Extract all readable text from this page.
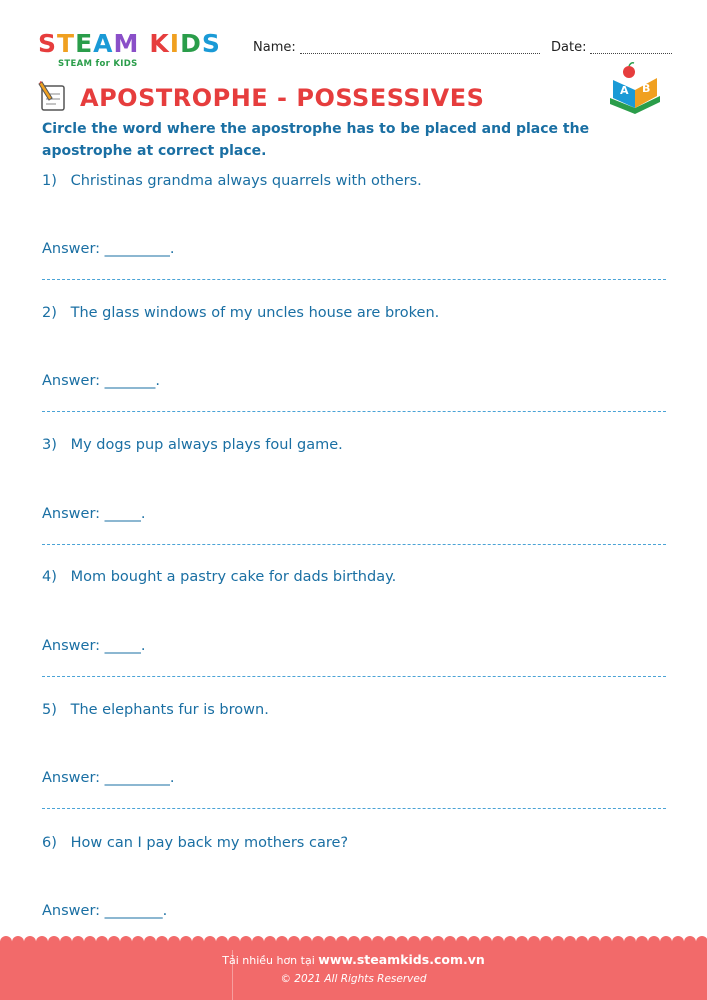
STEAM KIDS
STEAM for KIDS
Name:	Date:
APOSTROPHE - POSSESSIVES	A B
Circle the word where the apostrophe has to be placed and place the apostrophe at correct place.
1) Christinas grandma always quarrels with others.
Answer: _________.
2) The glass windows of my uncles house are broken.
Answer: _______.
3) My dogs pup always plays foul game.
Answer: _____.
4) Mom bought a pastry cake for dads birthday.
Answer: _____.
5) The elephants fur is brown.
Answer: _________.
6) How can I pay back my mothers care?
Answer: ________.
Tải nhiều hơn tại www.steamkids.com.vn
© 2021 All Rights Reserved
